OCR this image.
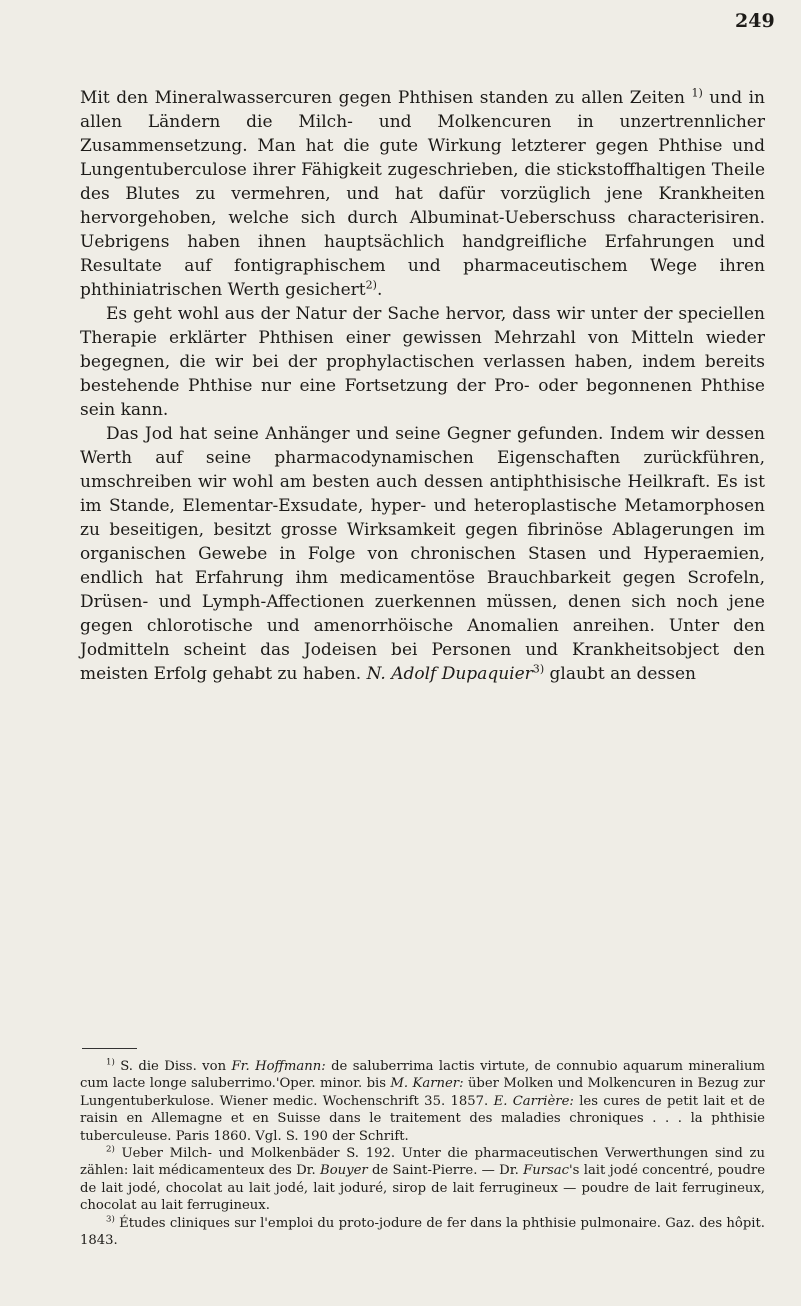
249

Mit den Mineralwassercuren gegen Phthisen standen zu allen Zeiten $^{1)}$ und in allen Ländern die Milch- und Molkencuren in unzertrennlicher Zusammensetzung. Man hat die gute Wirkung letzterer gegen Phthise und Lungentuberculose ihrer Fähigkeit zugeschrieben, die stickstoffhaltigen Theile des Blutes zu vermehren, und hat dafür vorzüglich jene Krankheiten hervorgehoben, welche sich durch Albuminat-Ueberschuss characterisiren. Uebrigens haben ihnen hauptsächlich handgreifliche Erfahrungen und Resultate auf fontigraphischem und pharmaceutischem Wege ihren phthiniatrischen Werth gesichert$^{2)}$.

Es geht wohl aus der Natur der Sache hervor, dass wir unter der speciellen Therapie erklärter Phthisen einer gewissen Mehrzahl von Mitteln wieder begegnen, die wir bei der prophylactischen verlassen haben, indem bereits bestehende Phthise nur eine Fortsetzung der Pro- oder begonnenen Phthise sein kann.

Das Jod hat seine Anhänger und seine Gegner gefunden. Indem wir dessen Werth auf seine pharmacodynamischen Eigenschaften zurückführen, umschreiben wir wohl am besten auch dessen antiphthisische Heilkraft. Es ist im Stande, Elementar-Exsudate, hyper- und heteroplastische Metamorphosen zu beseitigen, besitzt grosse Wirksamkeit gegen fibrinöse Ablagerungen im organischen Gewebe in Folge von chronischen Stasen und Hyperaemien, endlich hat Erfahrung ihm medicamentöse Brauchbarkeit gegen Scrofeln, Drüsen- und Lymph-Affectionen zuerkennen müssen, denen sich noch jene gegen chlorotische und amenorrhöische Anomalien anreihen. Unter den Jodmitteln scheint das Jodeisen bei Personen und Krankheitsobject den meisten Erfolg gehabt zu haben. N. Adolf Dupaquier$^{3)}$ glaubt an dessen

$^{1)}$ S. die Diss. von Fr. Hoffmann: de saluberrima lactis virtute, de connubio aquarum mineralium cum lacte longe saluberrimo.'Oper. minor. bis M. Karner: über Molken und Molkencuren in Bezug zur Lungentuberkulose. Wiener medic. Wochenschrift 35. 1857. E. Carrière: les cures de petit lait et de raisin en Allemagne et en Suisse dans le traitement des maladies chroniques . . . la phthisie tuberculeuse. Paris 1860. Vgl. S. 190 der Schrift.

$^{2)}$ Ueber Milch- und Molkenbäder S. 192. Unter die pharmaceutischen Verwerthungen sind zu zählen: lait médicamenteux des Dr. Bouyer de Saint-Pierre. — Dr. Fursac's lait jodé concentré, poudre de lait jodé, chocolat au lait jodé, lait joduré, sirop de lait ferrugineux — poudre de lait ferrugineux, chocolat au lait ferrugineux.

$^{3)}$ Études cliniques sur l'emploi du proto-jodure de fer dans la phthisie pulmonaire. Gaz. des hôpit. 1843.
